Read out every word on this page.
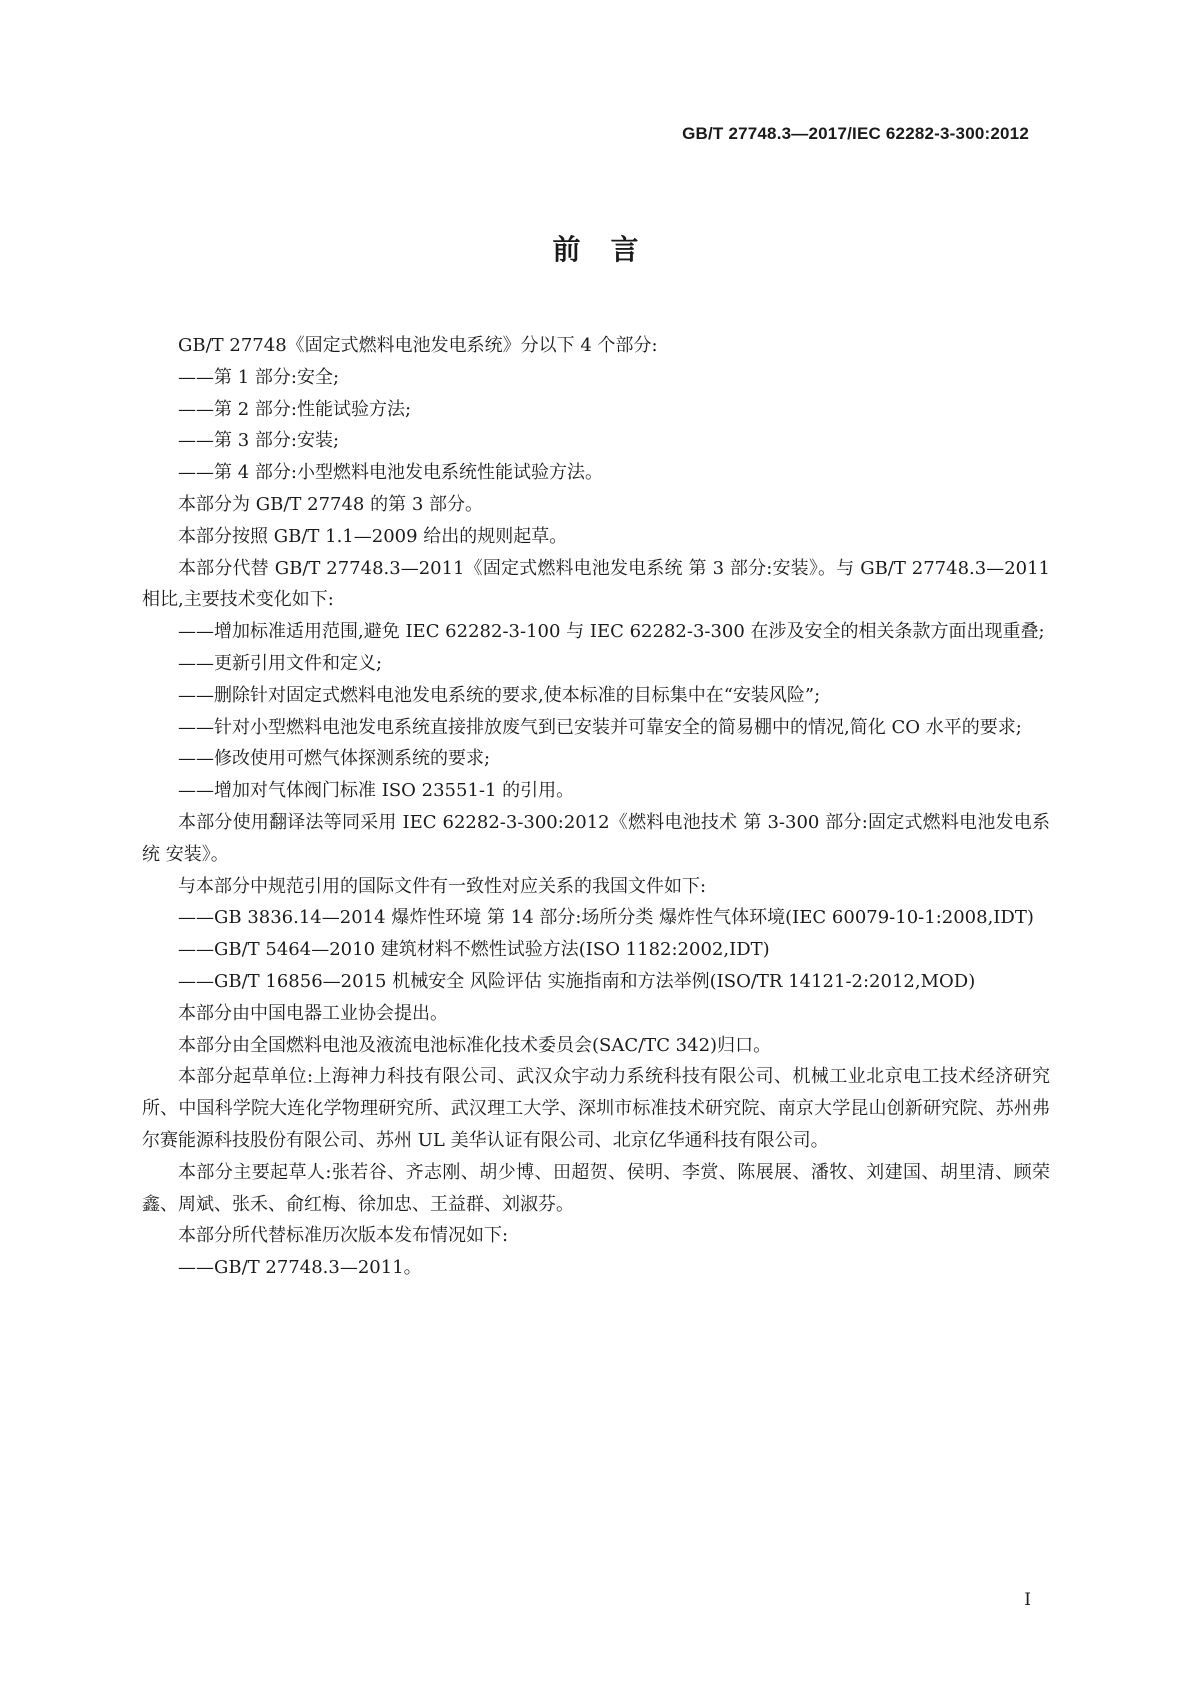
GB/T 27748.3—2017/IEC 62282-3-300:2012
前言
GB/T 27748《固定式燃料电池发电系统》分以下 4 个部分:
——第 1 部分:安全;
——第 2 部分:性能试验方法;
——第 3 部分:安装;
——第 4 部分:小型燃料电池发电系统性能试验方法。
本部分为 GB/T 27748 的第 3 部分。
本部分按照 GB/T 1.1—2009 给出的规则起草。
本部分代替 GB/T 27748.3—2011《固定式燃料电池发电系统 第 3 部分:安装》。与 GB/T 27748.3—2011 相比,主要技术变化如下:
——增加标准适用范围,避免 IEC 62282-3-100 与 IEC 62282-3-300 在涉及安全的相关条款方面出现重叠;
——更新引用文件和定义;
——删除针对固定式燃料电池发电系统的要求,使本标准的目标集中在“安装风险”;
——针对小型燃料电池发电系统直接排放废气到已安装并可靠安全的简易棚中的情况,简化 CO 水平的要求;
——修改使用可燃气体探测系统的要求;
——增加对气体阀门标准 ISO 23551-1 的引用。
本部分使用翻译法等同采用 IEC 62282-3-300:2012《燃料电池技术 第 3-300 部分:固定式燃料电池发电系统 安装》。
与本部分中规范引用的国际文件有一致性对应关系的我国文件如下:
——GB 3836.14—2014 爆炸性环境 第 14 部分:场所分类 爆炸性气体环境(IEC 60079-10-1:2008,IDT)
——GB/T 5464—2010 建筑材料不燃性试验方法(ISO 1182:2002,IDT)
——GB/T 16856—2015 机械安全 风险评估 实施指南和方法举例(ISO/TR 14121-2:2012,MOD)
本部分由中国电器工业协会提出。
本部分由全国燃料电池及液流电池标准化技术委员会(SAC/TC 342)归口。
本部分起草单位:上海神力科技有限公司、武汉众宇动力系统科技有限公司、机械工业北京电工技术经济研究所、中国科学院大连化学物理研究所、武汉理工大学、深圳市标准技术研究院、南京大学昆山创新研究院、苏州弗尔赛能源科技股份有限公司、苏州 UL 美华认证有限公司、北京亿华通科技有限公司。
本部分主要起草人:张若谷、齐志刚、胡少博、田超贺、侯明、李赏、陈展展、潘牧、刘建国、胡里清、顾荣鑫、周斌、张禾、俞红梅、徐加忠、王益群、刘淑芬。
本部分所代替标准历次版本发布情况如下:
——GB/T 27748.3—2011。
I
